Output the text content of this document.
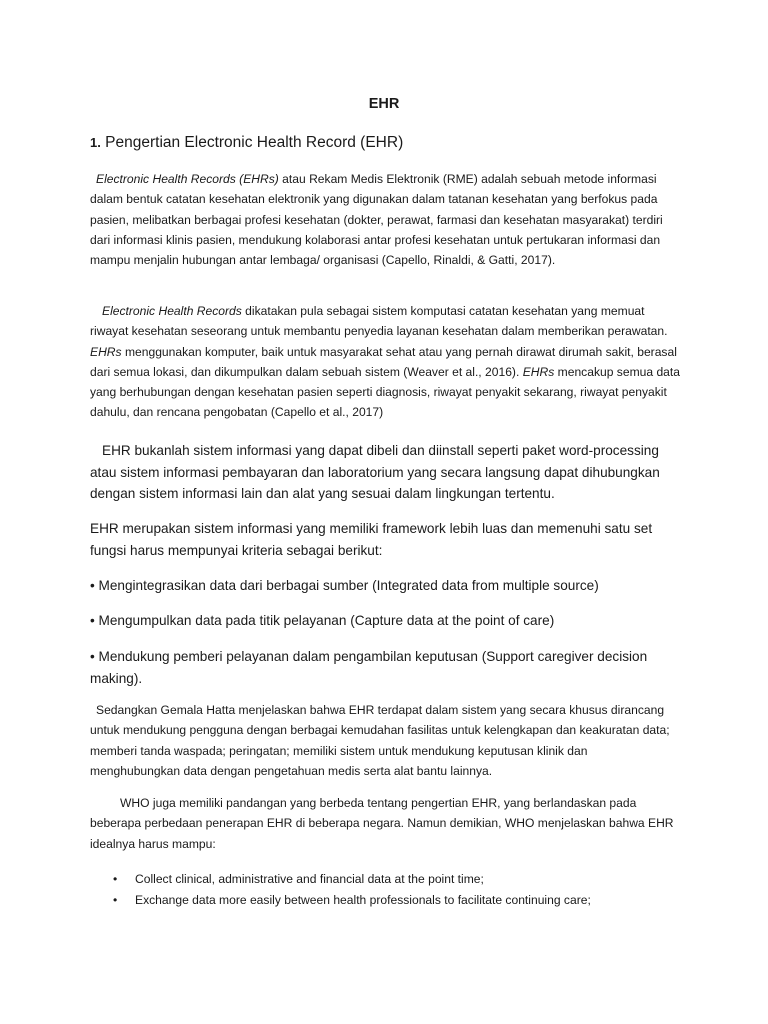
EHR
1. Pengertian Electronic Health Record (EHR)

Electronic Health Records (EHRs) atau Rekam Medis Elektronik (RME) adalah sebuah metode informasi dalam bentuk catatan kesehatan elektronik yang digunakan dalam tatanan kesehatan yang berfokus pada pasien, melibatkan berbagai profesi kesehatan (dokter, perawat, farmasi dan kesehatan masyarakat) terdiri dari informasi klinis pasien, mendukung kolaborasi antar profesi kesehatan untuk pertukaran informasi dan mampu menjalin hubungan antar lembaga/ organisasi (Capello, Rinaldi, & Gatti, 2017).

Electronic Health Records dikatakan pula sebagai sistem komputasi catatan kesehatan yang memuat riwayat kesehatan seseorang untuk membantu penyedia layanan kesehatan dalam memberikan perawatan. EHRs menggunakan komputer, baik untuk masyarakat sehat atau yang pernah dirawat dirumah sakit, berasal dari semua lokasi, dan dikumpulkan dalam sebuah sistem (Weaver et al., 2016). EHRs mencakup semua data yang berhubungan dengan kesehatan pasien seperti diagnosis, riwayat penyakit sekarang, riwayat penyakit dahulu, dan rencana pengobatan (Capello et al., 2017)

EHR bukanlah sistem informasi yang dapat dibeli dan diinstall seperti paket word-processing atau sistem informasi pembayaran dan laboratorium yang secara langsung dapat dihubungkan dengan sistem informasi lain dan alat yang sesuai dalam lingkungan tertentu.

EHR merupakan sistem informasi yang memiliki framework lebih luas dan memenuhi satu set fungsi harus mempunyai kriteria sebagai berikut:

• Mengintegrasikan data dari berbagai sumber (Integrated data from multiple source)

• Mengumpulkan data pada titik pelayanan (Capture data at the point of care)

• Mendukung pemberi pelayanan dalam pengambilan keputusan (Support caregiver decision making).

Sedangkan Gemala Hatta menjelaskan bahwa EHR terdapat dalam sistem yang secara khusus dirancang untuk mendukung pengguna dengan berbagai kemudahan fasilitas untuk kelengkapan dan keakuratan data; memberi tanda waspada; peringatan; memiliki sistem untuk mendukung keputusan klinik dan menghubungkan data dengan pengetahuan medis serta alat bantu lainnya.

WHO juga memiliki pandangan yang berbeda tentang pengertian EHR, yang berlandaskan pada beberapa perbedaan penerapan EHR di beberapa negara. Namun demikian, WHO menjelaskan bahwa EHR idealnya harus mampu:

• Collect clinical, administrative and financial data at the point time;
• Exchange data more easily between health professionals to facilitate continuing care;
